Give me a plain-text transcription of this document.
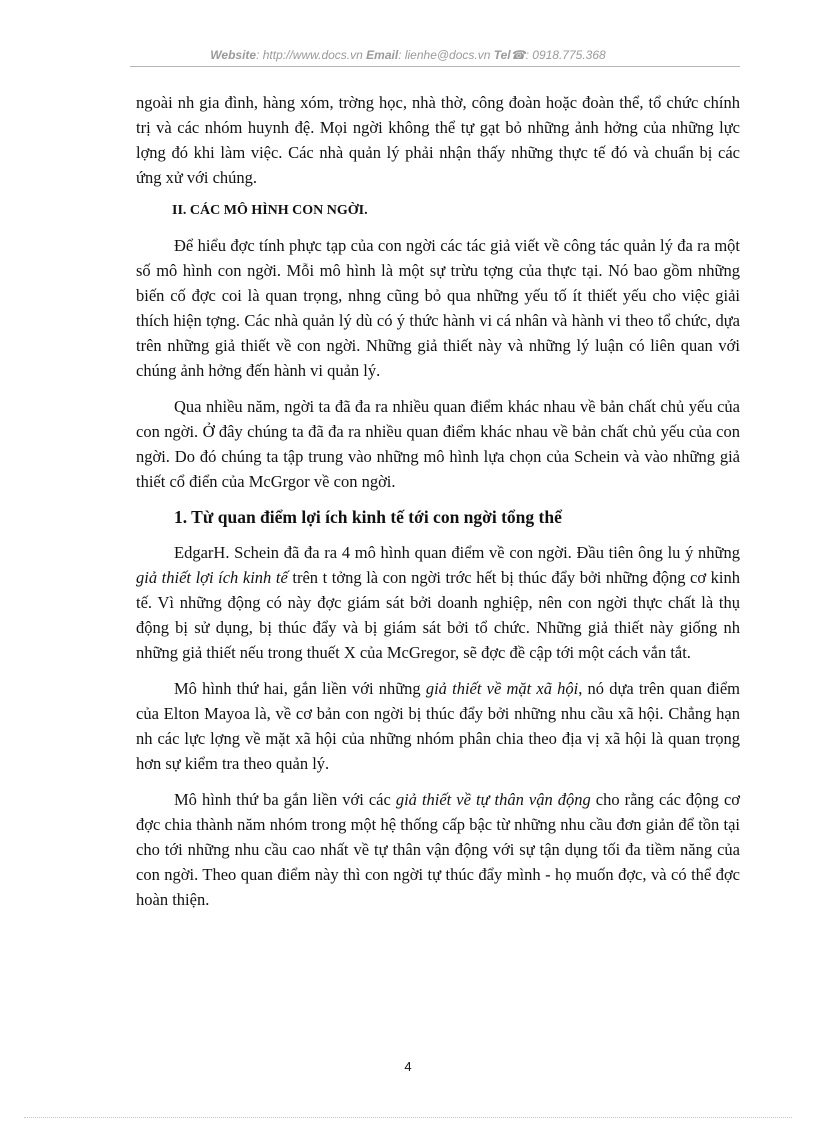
Website: http://www.docs.vn Email: lienhe@docs.vn Tel☎: 0918.775.368

ngoài nh gia đình, hàng xóm, trờng học, nhà thờ, công đoàn hoặc đoàn thể, tổ chức chính trị và các nhóm huynh đệ. Mọi ngời không thể tự gạt bỏ những ảnh hởng của những lực lợng đó khi làm việc. Các nhà quản lý phải nhận thấy những thực tế đó và chuẩn bị các ứng xử với chúng.

II. CÁC MÔ HÌNH CON NGỜI.

Để hiểu đợc tính phực tạp của con ngời các tác giả viết về công tác quản lý đa ra một số mô hình con ngời. Mỗi mô hình là một sự trừu tợng của thực tại. Nó bao gồm những biến cố đợc coi là quan trọng, nhng cũng bỏ qua những yếu tố ít thiết yếu cho việc giải thích hiện tợng. Các nhà quản lý dù có ý thức hành vi cá nhân và hành vi theo tổ chức, dựa trên những giả thiết về con ngời. Những giả thiết này và những lý luận có liên quan với chúng ảnh hởng đến hành vi quản lý.

Qua nhiều năm, ngời ta đã đa ra nhiều quan điểm khác nhau về bản chất chủ yếu của con ngời. Ở đây chúng ta đã đa ra nhiều quan điểm khác nhau về bản chất chủ yếu của con ngời. Do đó chúng ta tập trung vào những mô hình lựa chọn của Schein và vào những giả thiết cổ điển của McGrgor về con ngời.

1. Từ quan điểm lợi ích kinh tế tới con ngời tổng thể

EdgarH. Schein đã đa ra 4 mô hình quan điểm về con ngời. Đầu tiên ông lu ý những giả thiết lợi ích kinh tế trên t tởng là con ngời trớc hết bị thúc đẩy bởi những động cơ kinh tế. Vì những động có này đợc giám sát bởi doanh nghiệp, nên con ngời thực chất là thụ động bị sử dụng, bị thúc đẩy và bị giám sát bởi tổ chức. Những giả thiết này giống nh những giả thiết nếu trong thuết X của McGregor, sẽ đợc đề cập tới một cách vắn tắt.

Mô hình thứ hai, gắn liền với những giả thiết về mặt xã hội, nó dựa trên quan điểm của Elton Mayoa là, về cơ bản con ngời bị thúc đẩy bởi những nhu cầu xã hội. Chẳng hạn nh các lực lợng về mặt xã hội của những nhóm phân chia theo địa vị xã hội là quan trọng hơn sự kiểm tra theo quản lý.

Mô hình thứ ba gắn liền với các giả thiết về tự thân vận động cho rằng các động cơ đợc chia thành năm nhóm trong một hệ thống cấp bậc từ những nhu cầu đơn giản để tồn tại cho tới những nhu cầu cao nhất về tự thân vận động với sự tận dụng tối đa tiềm năng của con ngời. Theo quan điểm này thì con ngời tự thúc đẩy mình - họ muốn đợc, và có thể đợc hoàn thiện.

4
